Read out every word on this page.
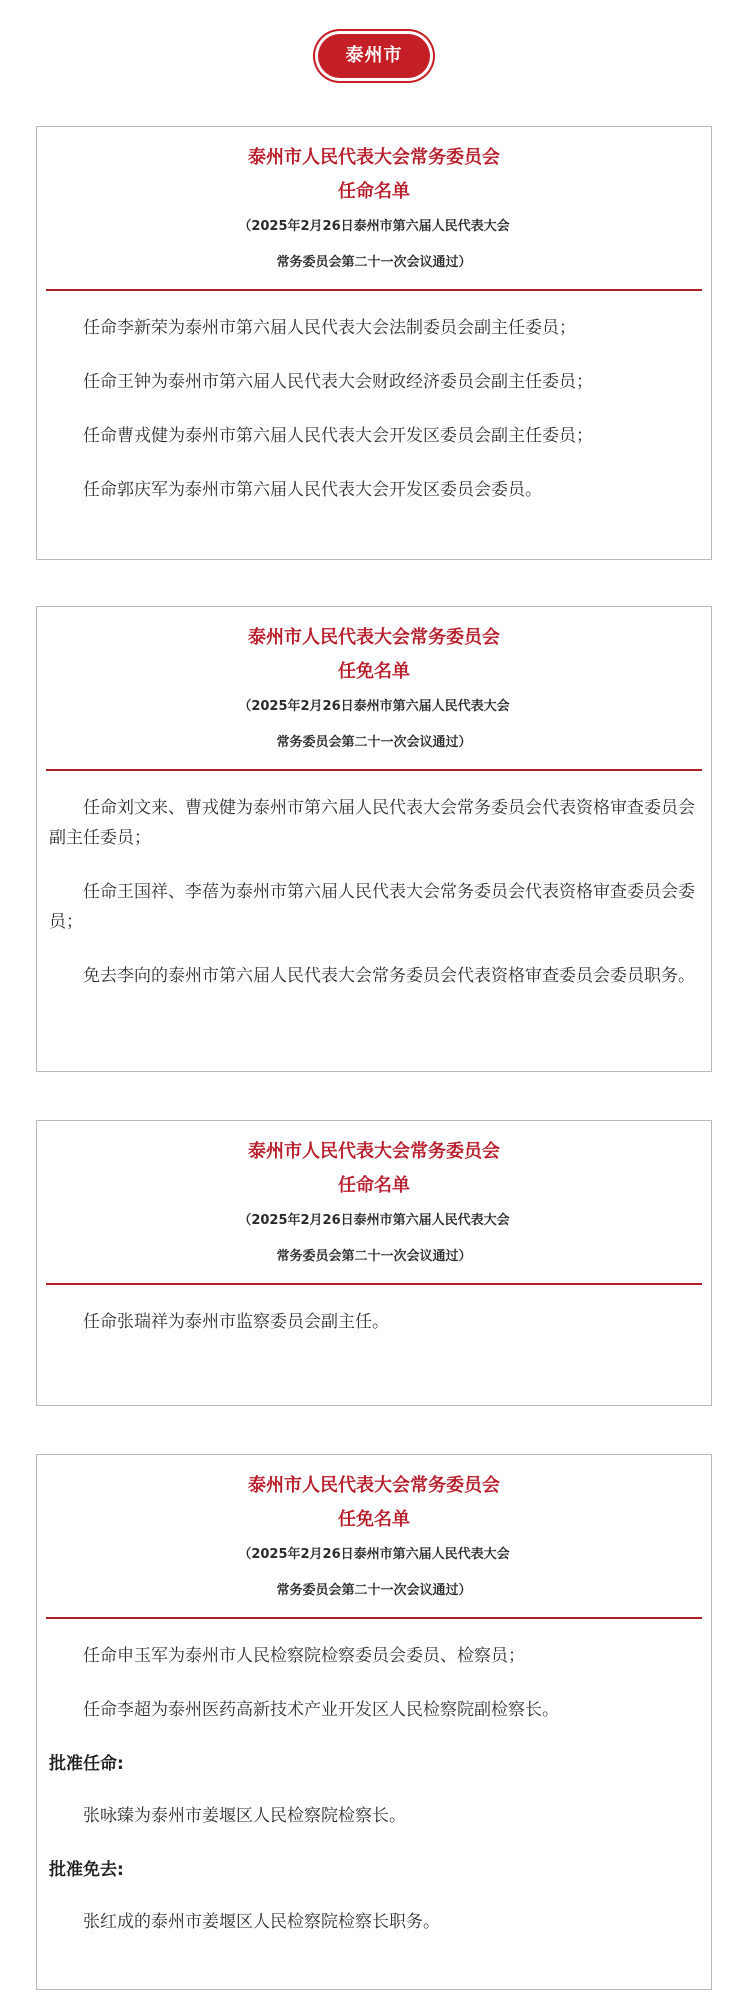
泰州市
泰州市人民代表大会常务委员会
任命名单
（2025年2月26日泰州市第六届人民代表大会
常务委员会第二十一次会议通过）

任命李新荣为泰州市第六届人民代表大会法制委员会副主任委员；

任命王钟为泰州市第六届人民代表大会财政经济委员会副主任委员；

任命曹戎健为泰州市第六届人民代表大会开发区委员会副主任委员；

任命郭庆军为泰州市第六届人民代表大会开发区委员会委员。

泰州市人民代表大会常务委员会
任免名单
（2025年2月26日泰州市第六届人民代表大会
常务委员会第二十一次会议通过）

任命刘文来、曹戎健为泰州市第六届人民代表大会常务委员会代表资格审查委员会副主任委员；

任命王国祥、李蓓为泰州市第六届人民代表大会常务委员会代表资格审查委员会委员；

免去李向的泰州市第六届人民代表大会常务委员会代表资格审查委员会委员职务。

泰州市人民代表大会常务委员会
任命名单
（2025年2月26日泰州市第六届人民代表大会
常务委员会第二十一次会议通过）

任命张瑞祥为泰州市监察委员会副主任。

泰州市人民代表大会常务委员会
任免名单
（2025年2月26日泰州市第六届人民代表大会
常务委员会第二十一次会议通过）

任命申玉军为泰州市人民检察院检察委员会委员、检察员；

任命李超为泰州医药高新技术产业开发区人民检察院副检察长。

批准任命:

张咏臻为泰州市姜堰区人民检察院检察长。

批准免去:

张红成的泰州市姜堰区人民检察院检察长职务。
